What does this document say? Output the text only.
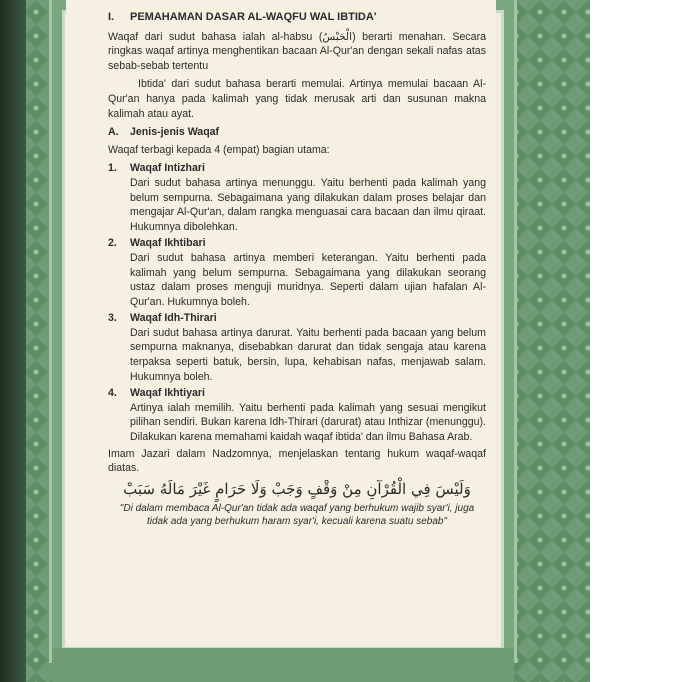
I. PEMAHAMAN DASAR AL-WAQFU WAL IBTIDA'

Waqaf dari sudut bahasa ialah al-habsu (الْحَبْسُ) berarti menahan. Secara ringkas waqaf artinya menghentikan bacaan Al-Qur'an dengan sekali nafas atas sebab-sebab tertentu

Ibtida' dari sudut bahasa berarti memulai. Artinya memulai bacaan Al-Qur'an hanya pada kalimah yang tidak merusak arti dan susunan makna kalimah atau ayat.

A. Jenis-jenis Waqaf

Waqaf terbagi kepada 4 (empat) bagian utama:

1. Waqaf Intizhari

Dari sudut bahasa artinya menunggu. Yaitu berhenti pada kalimah yang belum sempurna. Sebagaimana yang dilakukan dalam proses belajar dan mengajar Al-Qur'an, dalam rangka menguasai cara bacaan dan ilmu qiraat. Hukumnya dibolehkan.

2. Waqaf Ikhtibari

Dari sudut bahasa artinya memberi keterangan. Yaitu berhenti pada kalimah yang belum sempurna. Sebagaimana yang dilakukan seorang ustaz dalam proses menguji muridnya. Seperti dalam ujian hafalan Al-Qur'an. Hukumnya boleh.

3. Waqaf Idh-Thirari

Dari sudut bahasa artinya darurat. Yaitu berhenti pada bacaan yang belum sempurna maknanya, disebabkan darurat dan tidak sengaja atau karena terpaksa seperti batuk, bersin, lupa, kehabisan nafas, menjawab salam. Hukumnya boleh.

4. Waqaf Ikhtiyari

Artinya ialah memilih. Yaitu berhenti pada kalimah yang sesuai mengikut pilihan sendiri. Bukan karena Idh-Thirari (darurat) atau Inthizar (menunggu). Dilakukan karena memahami kaidah waqaf ibtida' dan ilmu Bahasa Arab.

Imam Jazari dalam Nadzomnya, menjelaskan tentang hukum waqaf-waqaf diatas.

وَلَيْسَ فِي الْقُرْآنِ مِنْ وَقْفٍ وَجَبْ وَلَا حَرَامٍ غَيْرَ مَالَهُ سَبَبْ

"Di dalam membaca Al-Qur'an tidak ada waqaf yang berhukum wajib syar'i, juga tidak ada yang berhukum haram syar'i, kecuali karena suatu sebab"
